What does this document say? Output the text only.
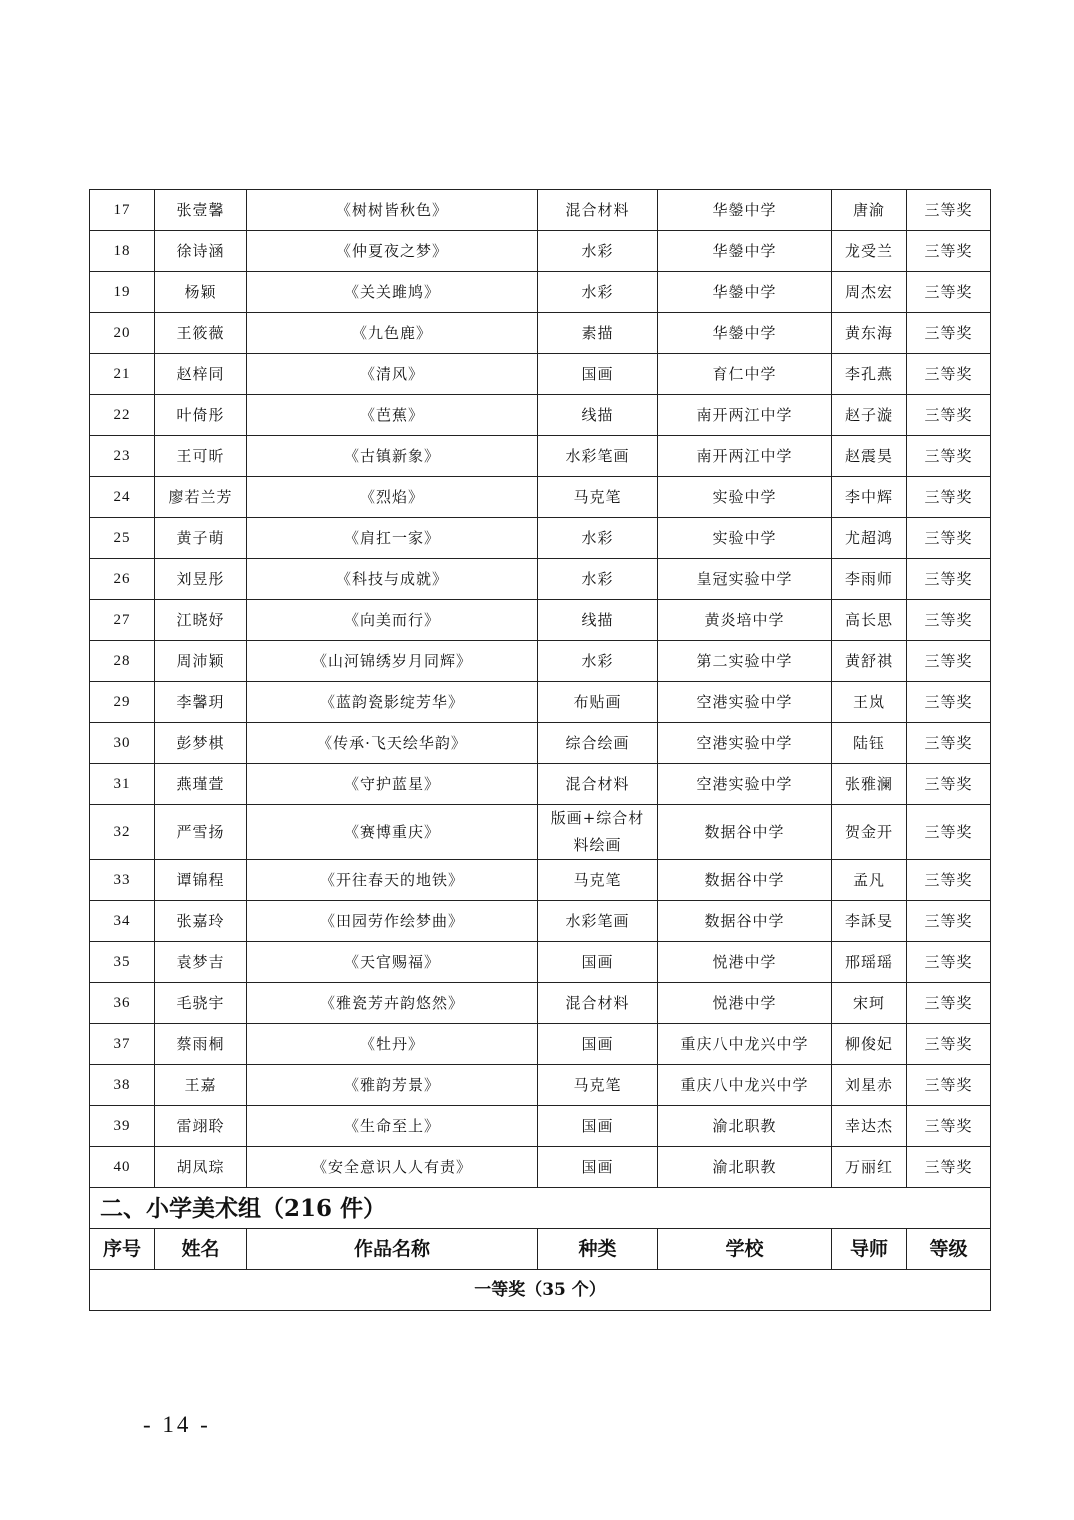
17	张壹馨	《树树皆秋色》	混合材料	华鎣中学	唐渝	三等奖
18	徐诗涵	《仲夏夜之梦》	水彩	华鎣中学	龙受兰	三等奖
19	杨颖	《关关雎鸠》	水彩	华鎣中学	周杰宏	三等奖
20	王筱薇	《九色鹿》	素描	华鎣中学	黄东海	三等奖
21	赵梓同	《清风》	国画	育仁中学	李孔燕	三等奖
22	叶倚彤	《芭蕉》	线描	南开两江中学	赵子漩	三等奖
23	王可昕	《古镇新象》	水彩笔画	南开两江中学	赵震昊	三等奖
24	廖若兰芳	《烈焰》	马克笔	实验中学	李中辉	三等奖
25	黄子萌	《肩扛一家》	水彩	实验中学	尤超鸿	三等奖
26	刘昱彤	《科技与成就》	水彩	皇冠实验中学	李雨师	三等奖
27	江晓妤	《向美而行》	线描	黄炎培中学	高长思	三等奖
28	周沛颖	《山河锦绣岁月同辉》	水彩	第二实验中学	黄舒祺	三等奖
29	李馨玥	《蓝韵瓷影绽芳华》	布贴画	空港实验中学	王岚	三等奖
30	彭梦棋	《传承·飞天绘华韵》	综合绘画	空港实验中学	陆钰	三等奖
31	燕瑾萱	《守护蓝星》	混合材料	空港实验中学	张雅澜	三等奖
32	严雪扬	《赛博重庆》	版画+综合材料绘画	数据谷中学	贺金开	三等奖
33	谭锦程	《开往春天的地铁》	马克笔	数据谷中学	孟凡	三等奖
34	张嘉玲	《田园劳作绘梦曲》	水彩笔画	数据谷中学	李訸旻	三等奖
35	袁梦吉	《天官赐福》	国画	悦港中学	邢瑶瑶	三等奖
36	毛骁宇	《雅瓷芳卉韵悠然》	混合材料	悦港中学	宋珂	三等奖
37	蔡雨桐	《牡丹》	国画	重庆八中龙兴中学	柳俊妃	三等奖
38	王嘉	《雅韵芳景》	马克笔	重庆八中龙兴中学	刘星赤	三等奖
39	雷翊聆	《生命至上》	国画	渝北职教	幸达杰	三等奖
40	胡凤琮	《安全意识人人有责》	国画	渝北职教	万丽红	三等奖
二、小学美术组（216 件）						
序号	姓名	作品名称	种类	学校	导师	等级
一等奖（35 个）						
- 14 -
